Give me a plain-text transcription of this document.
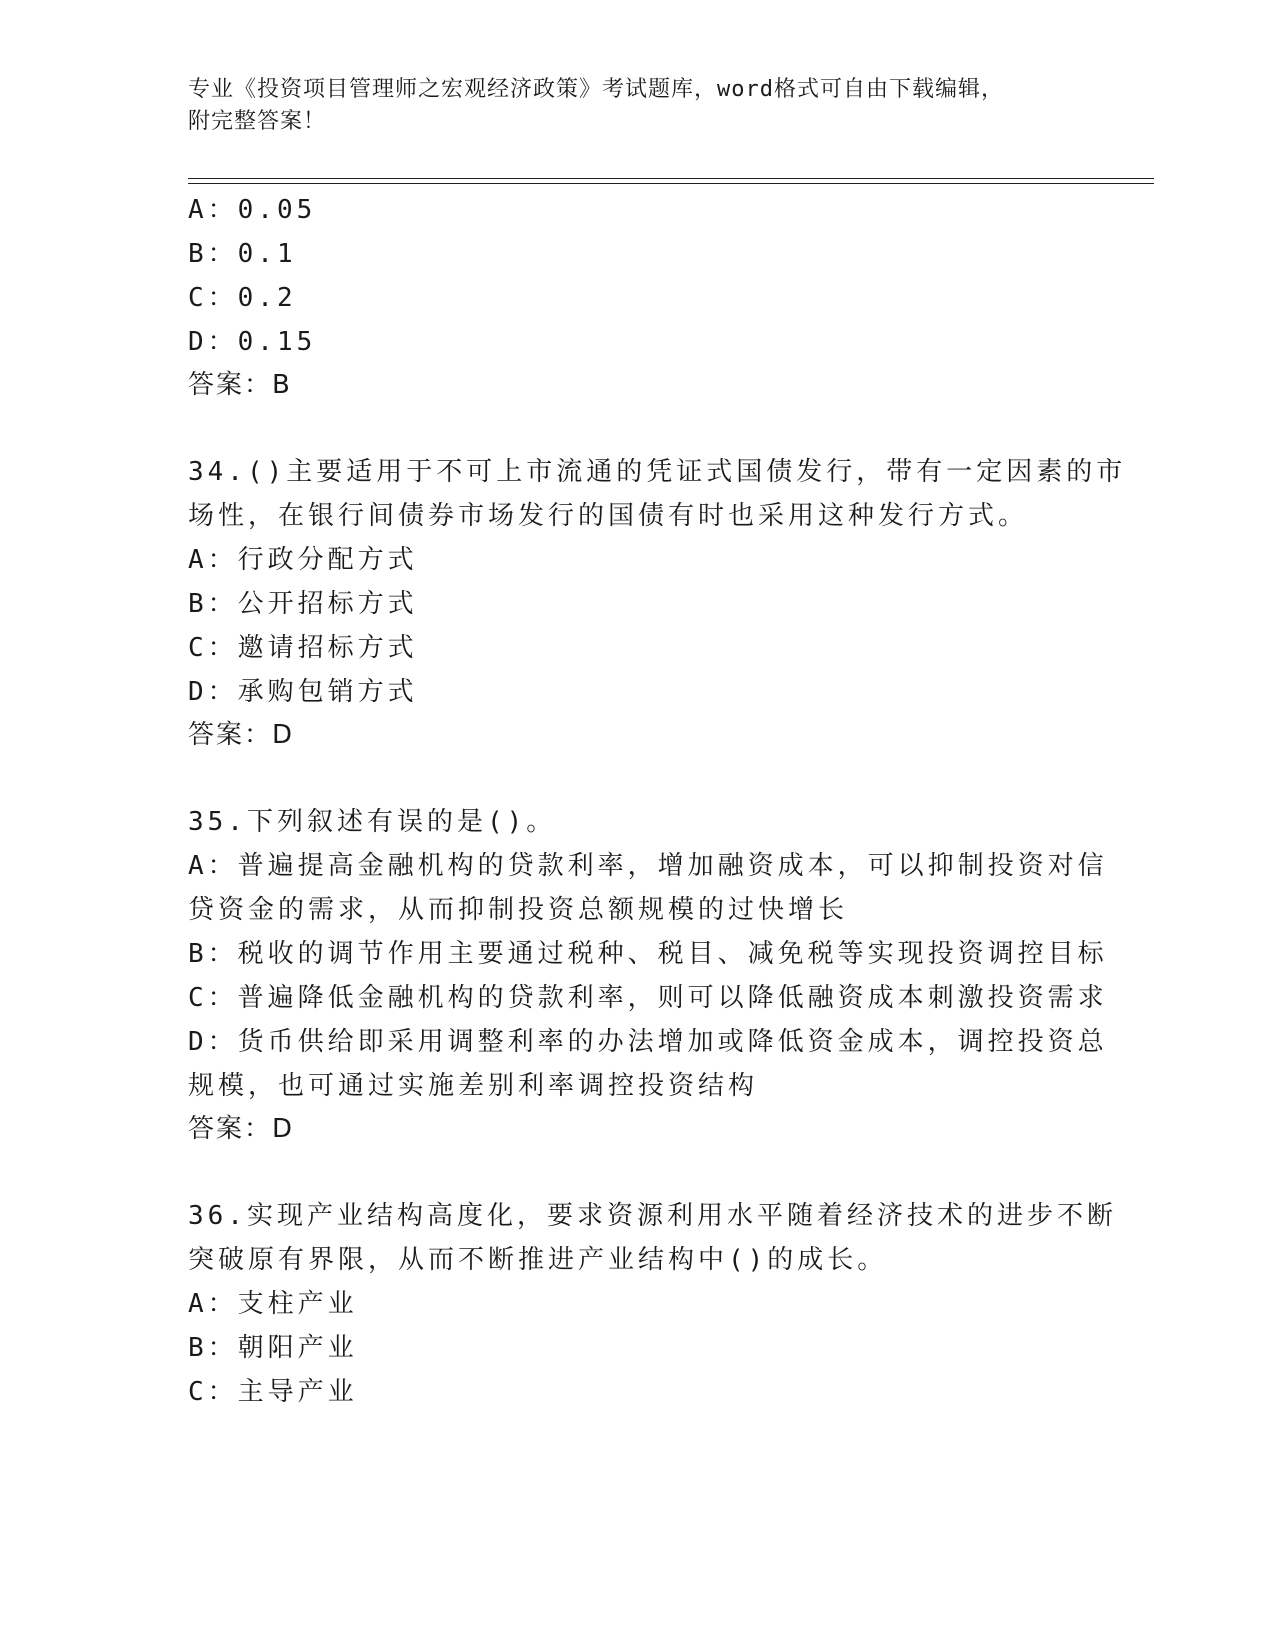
专业《投资项目管理师之宏观经济政策》考试题库，word格式可自由下载编辑，
附完整答案！
A：0.05
B：0.1
C：0.2
D：0.15
答案：B
34.()主要适用于不可上市流通的凭证式国债发行，带有一定因素的市
场性，在银行间债券市场发行的国债有时也采用这种发行方式。
A：行政分配方式
B：公开招标方式
C：邀请招标方式
D：承购包销方式
答案：D
35.下列叙述有误的是()。
A：普遍提高金融机构的贷款利率，增加融资成本，可以抑制投资对信
贷资金的需求，从而抑制投资总额规模的过快增长
B：税收的调节作用主要通过税种、税目、减免税等实现投资调控目标
C：普遍降低金融机构的贷款利率，则可以降低融资成本刺激投资需求
D：货币供给即采用调整利率的办法增加或降低资金成本，调控投资总
规模，也可通过实施差别利率调控投资结构
答案：D
36.实现产业结构高度化，要求资源利用水平随着经济技术的进步不断
突破原有界限，从而不断推进产业结构中()的成长。
A：支柱产业
B：朝阳产业
C：主导产业
